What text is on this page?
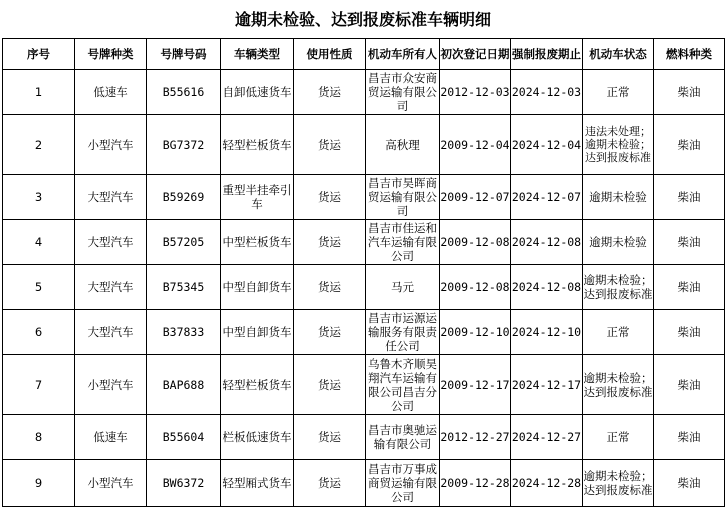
逾期未检验、达到报废标准车辆明细
序号	号牌种类	号牌号码	车辆类型	使用性质	机动车所有人	初次登记日期	强制报废期止	机动车状态	燃料种类
1	低速车	B55616	自卸低速货车	货运	昌吉市众安商贸运输有限公司	2012-12-03	2024-12-03	正常	柴油
2	小型汽车	BG7372	轻型栏板货车	货运	高秋理	2009-12-04	2024-12-04	违法未处理；逾期未检验；达到报废标准	柴油
3	大型汽车	B59269	重型半挂牵引车	货运	昌吉市昊晖商贸运输有限公司	2009-12-07	2024-12-07	逾期未检验	柴油
4	大型汽车	B57205	中型栏板货车	货运	昌吉市佳运和汽车运输有限公司	2009-12-08	2024-12-08	逾期未检验	柴油
5	大型汽车	B75345	中型自卸货车	货运	马元	2009-12-08	2024-12-08	逾期未检验；达到报废标准	柴油
6	大型汽车	B37833	中型自卸货车	货运	昌吉市运源运输服务有限责任公司	2009-12-10	2024-12-10	正常	柴油
7	小型汽车	BAP688	轻型栏板货车	货运	乌鲁木齐顺昊翔汽车运输有限公司昌吉分公司	2009-12-17	2024-12-17	逾期未检验；达到报废标准	柴油
8	低速车	B55604	栏板低速货车	货运	昌吉市奥驰运输有限公司	2012-12-27	2024-12-27	正常	柴油
9	小型汽车	BW6372	轻型厢式货车	货运	昌吉市万事成商贸运输有限公司	2009-12-28	2024-12-28	逾期未检验；达到报废标准	柴油
